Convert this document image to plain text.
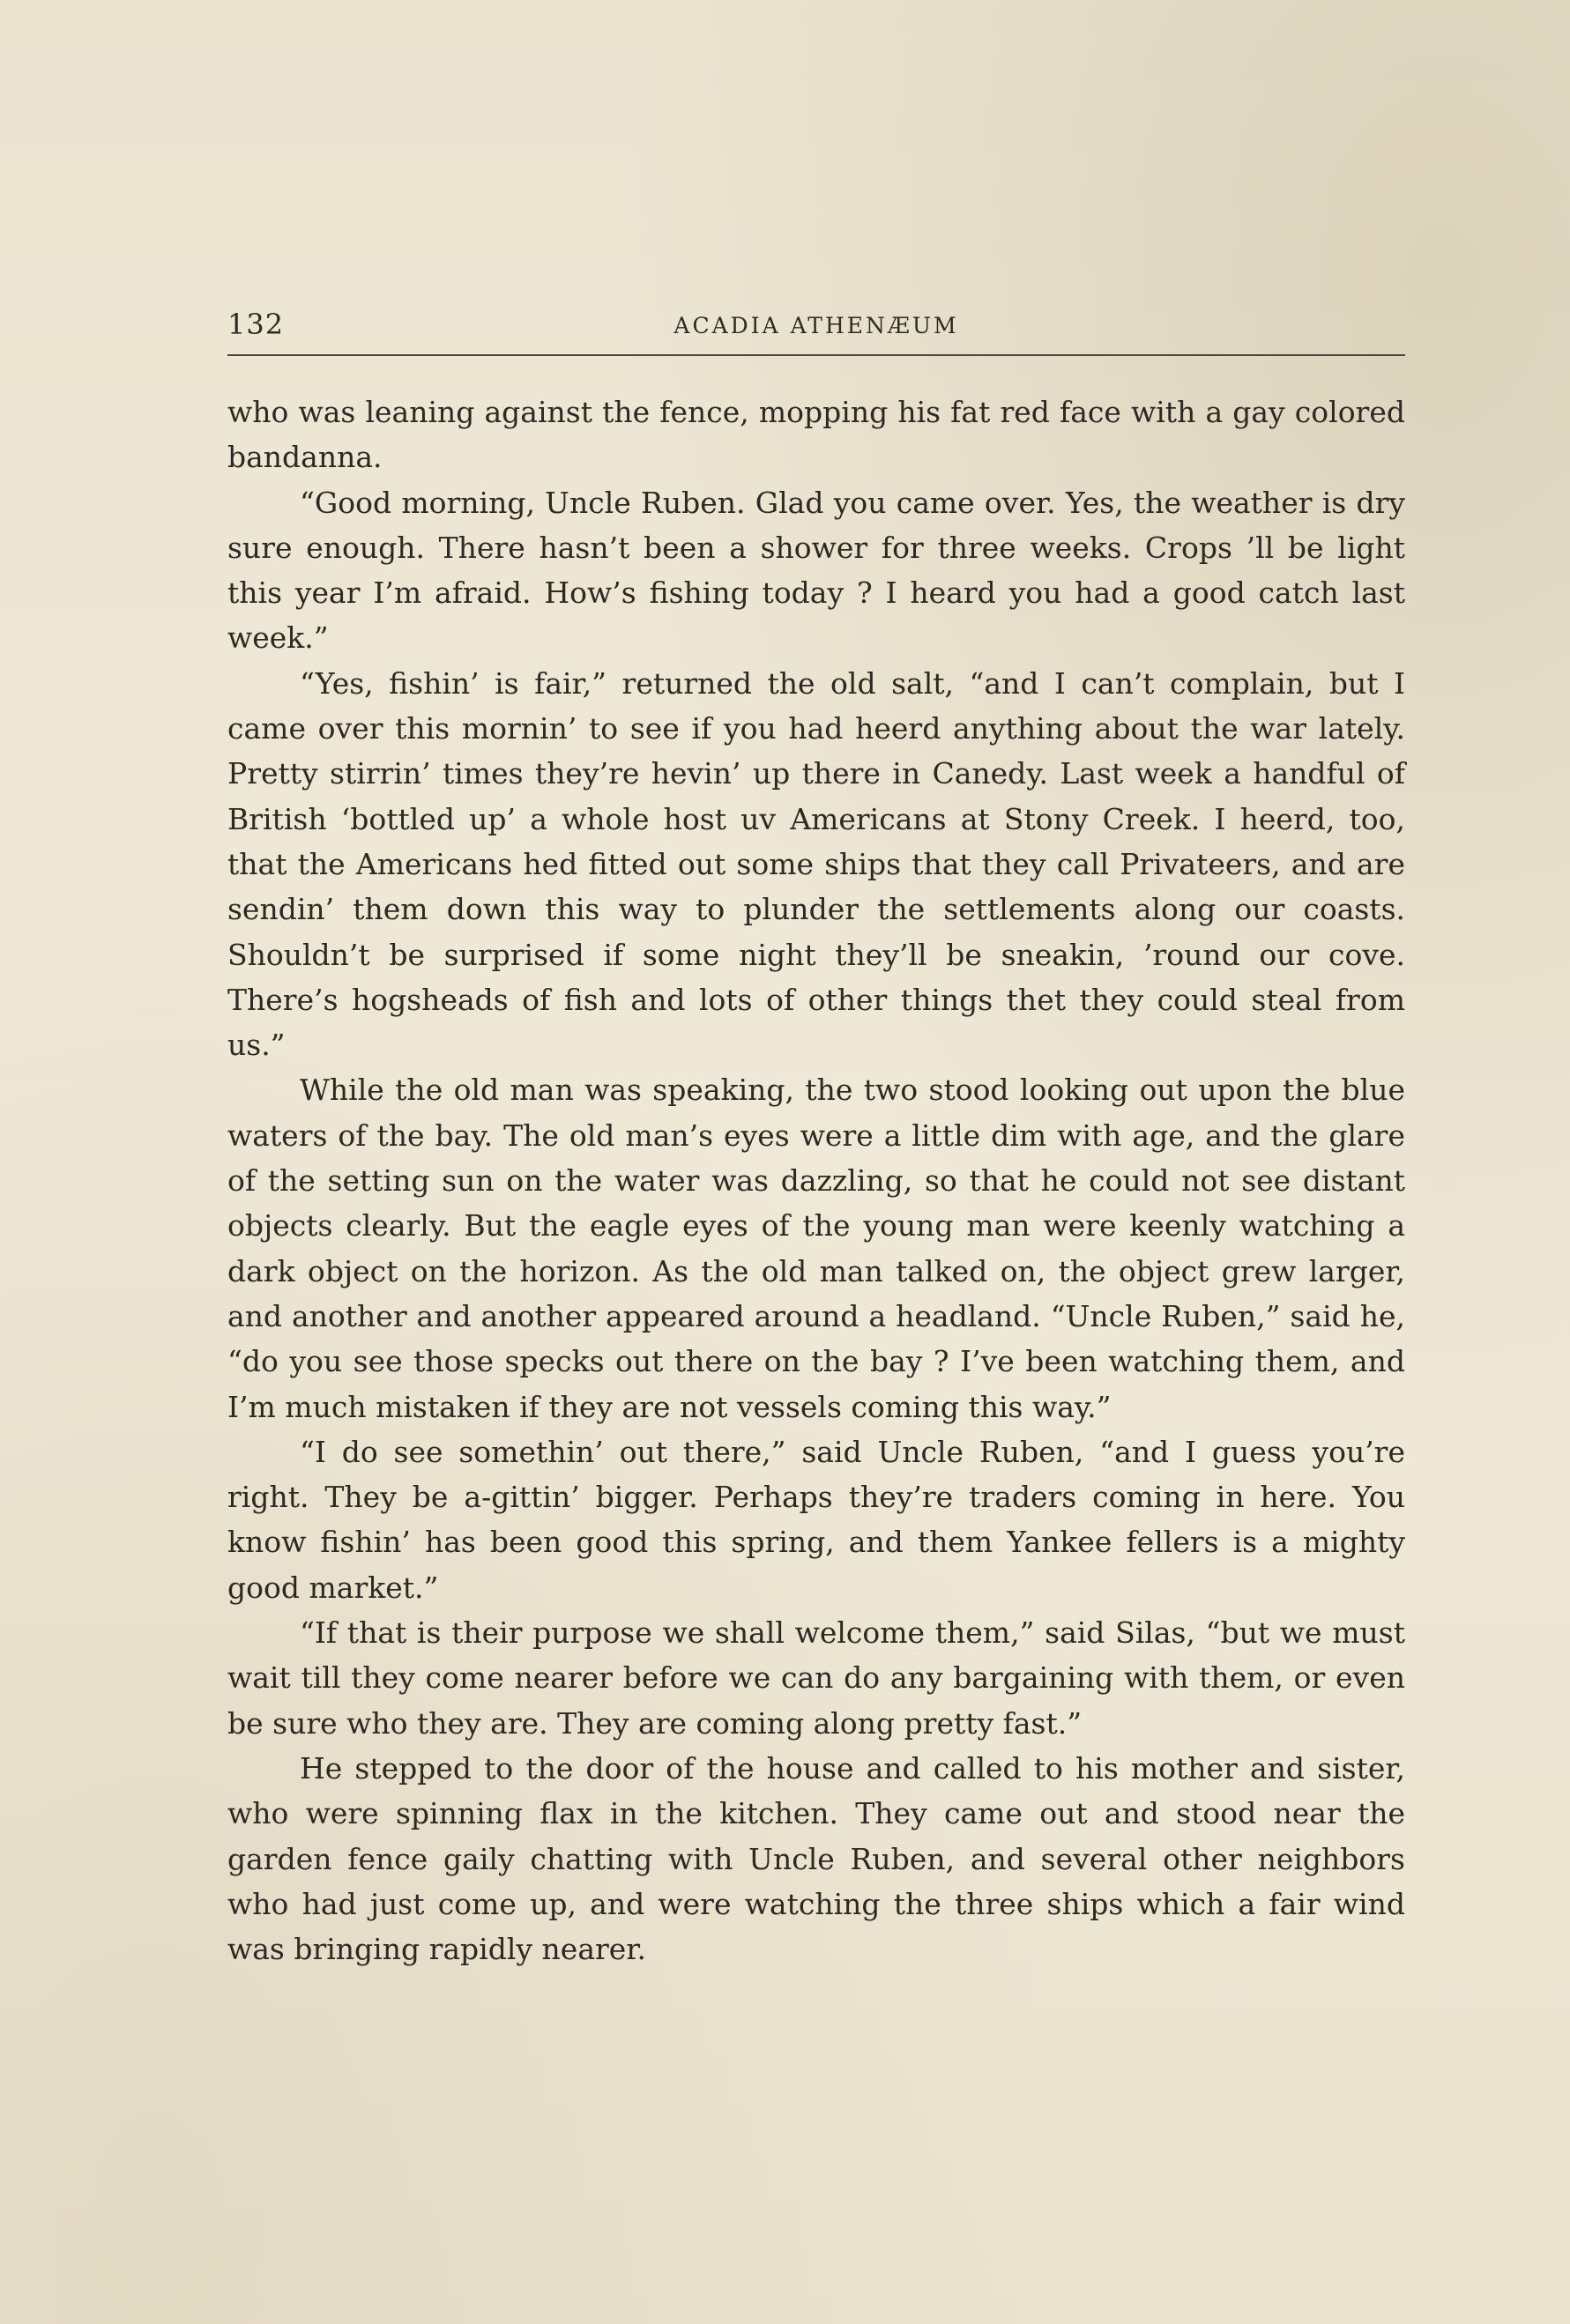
132	ACADIA ATHENÆUM

who was leaning against the fence, mopping his fat red face with a gay colored bandanna.

“Good morning, Uncle Ruben. Glad you came over. Yes, the weather is dry sure enough. There hasn’t been a shower for three weeks. Crops ’ll be light this year I’m afraid. How’s fishing today ? I heard you had a good catch last week.”

“Yes, fishin’ is fair,” returned the old salt, “and I can’t complain, but I came over this mornin’ to see if you had heerd anything about the war lately. Pretty stirrin’ times they’re hevin’ up there in Canedy. Last week a handful of British ‘bottled up’ a whole host uv Americans at Stony Creek. I heerd, too, that the Americans hed fitted out some ships that they call Privateers, and are sendin’ them down this way to plunder the settlements along our coasts. Shouldn’t be surprised if some night they’ll be sneakin, ’round our cove. There’s hogsheads of fish and lots of other things thet they could steal from us.”

While the old man was speaking, the two stood looking out upon the blue waters of the bay. The old man’s eyes were a little dim with age, and the glare of the setting sun on the water was dazzling, so that he could not see distant objects clearly. But the eagle eyes of the young man were keenly watching a dark object on the horizon. As the old man talked on, the object grew larger, and another and another appeared around a headland. “Uncle Ruben,” said he, “do you see those specks out there on the bay ? I’ve been watching them, and I’m much mistaken if they are not vessels coming this way.”

“I do see somethin’ out there,” said Uncle Ruben, “and I guess you’re right. They be a-gittin’ bigger. Perhaps they’re traders coming in here. You know fishin’ has been good this spring, and them Yankee fellers is a mighty good market.”

“If that is their purpose we shall welcome them,” said Silas, “but we must wait till they come nearer before we can do any bargaining with them, or even be sure who they are. They are coming along pretty fast.”

He stepped to the door of the house and called to his mother and sister, who were spinning flax in the kitchen. They came out and stood near the garden fence gaily chatting with Uncle Ruben, and several other neighbors who had just come up, and were watching the three ships which a fair wind was bringing rapidly nearer.
